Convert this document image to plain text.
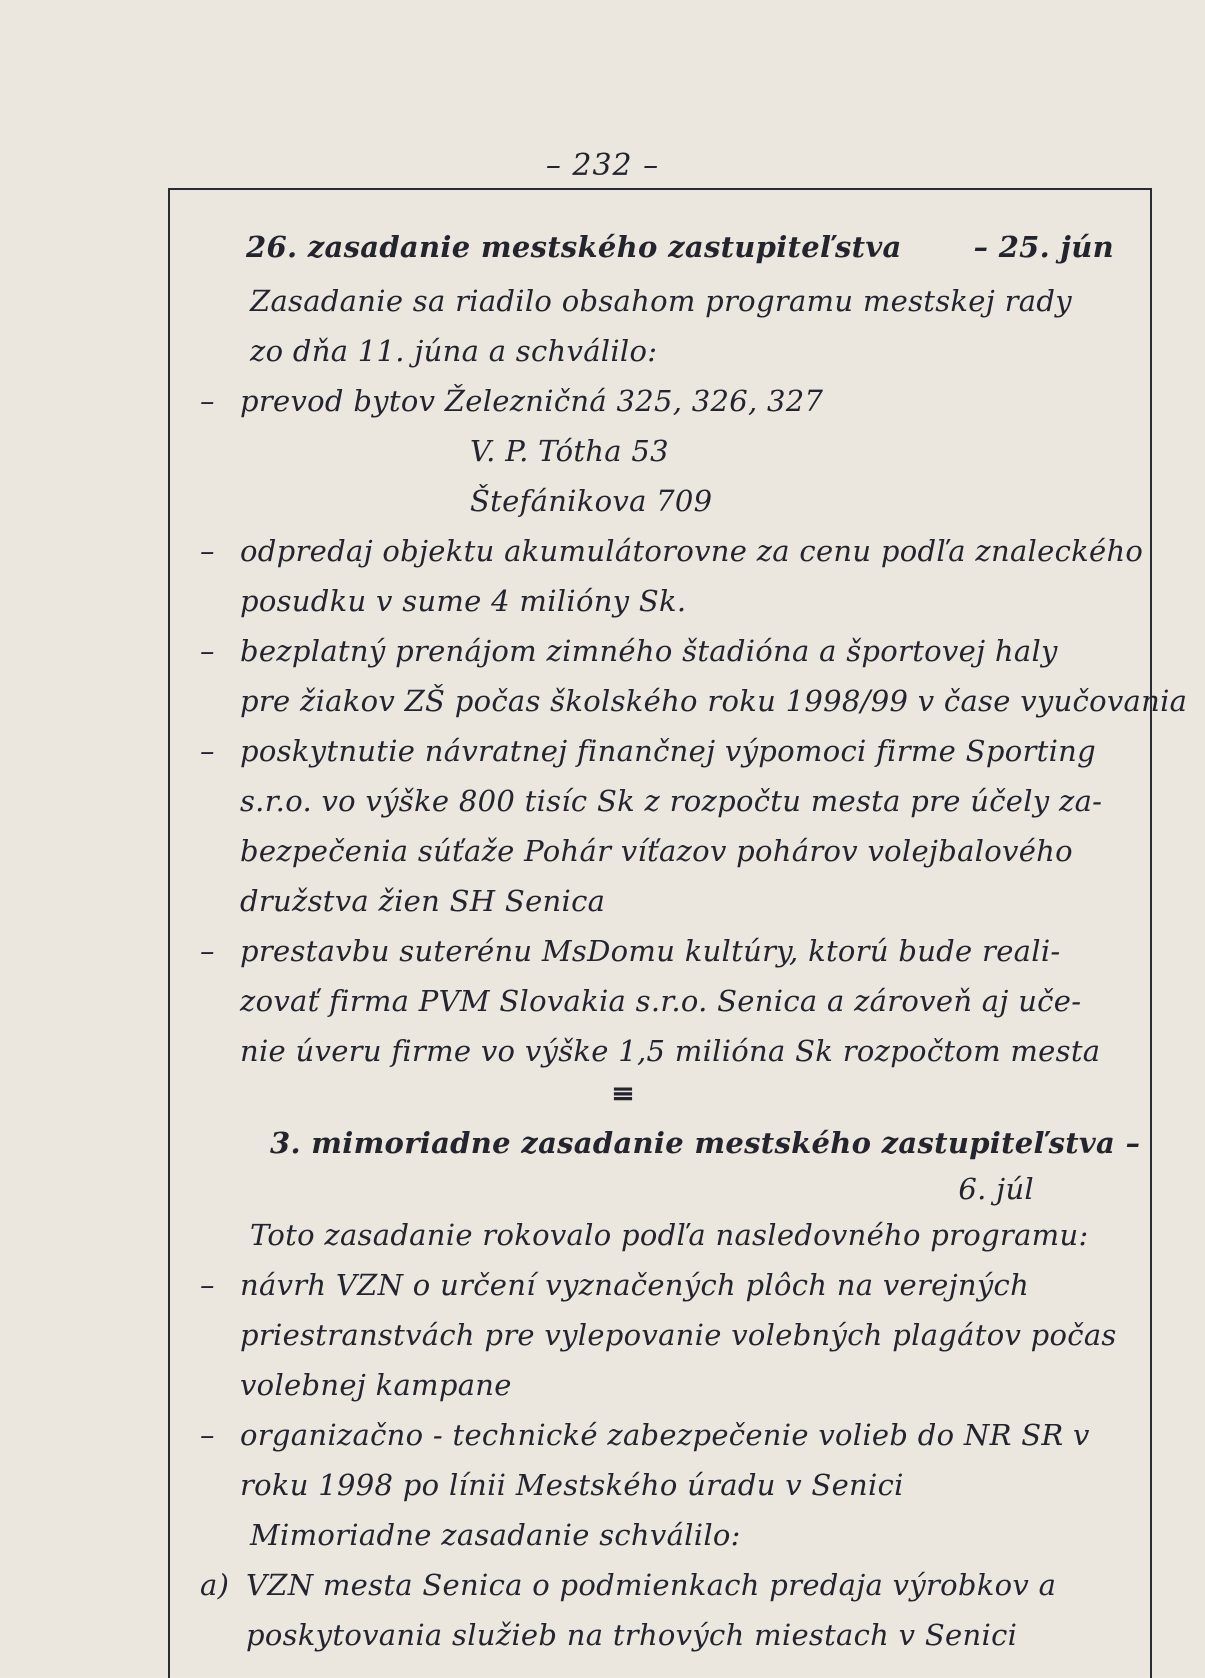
– 232 –
26. zasadanie mestského zastupiteľstva – 25. jún
Zasadanie sa riadilo obsahom programu mestskej rady
zo dňa 11. júna a schválilo:
– prevod bytov Železničná 325, 326, 327
V. P. Tótha 53
Štefánikova 709
– odpredaj objektu akumulátorovne za cenu podľa znaleckého
posudku v sume 4 milióny Sk.
– bezplatný prenájom zimného štadióna a športovej haly
pre žiakov ZŠ počas školského roku 1998/99 v čase vyučovania
– poskytnutie návratnej finančnej výpomoci firme Sporting
s.r.o. vo výške 800 tisíc Sk z rozpočtu mesta pre účely za-
bezpečenia súťaže Pohár víťazov pohárov volejbalového
družstva žien SH Senica
– prestavbu suterénu MsDomu kultúry, ktorú bude reali-
zovať firma PVM Slovakia s.r.o. Senica a zároveň aj uče-
nie úveru firme vo výške 1,5 milióna Sk rozpočtom mesta
≡
3. mimoriadne zasadanie mestského zastupiteľstva –
6. júl
Toto zasadanie rokovalo podľa nasledovného programu:
– návrh VZN o určení vyznačených plôch na verejných
priestranstvách pre vylepovanie volebných plagátov počas
volebnej kampane
– organizačno - technické zabezpečenie volieb do NR SR v
roku 1998 po línii Mestského úradu v Senici
Mimoriadne zasadanie schválilo:
a) VZN mesta Senica o podmienkach predaja výrobkov a
poskytovania služieb na trhových miestach v Senici
